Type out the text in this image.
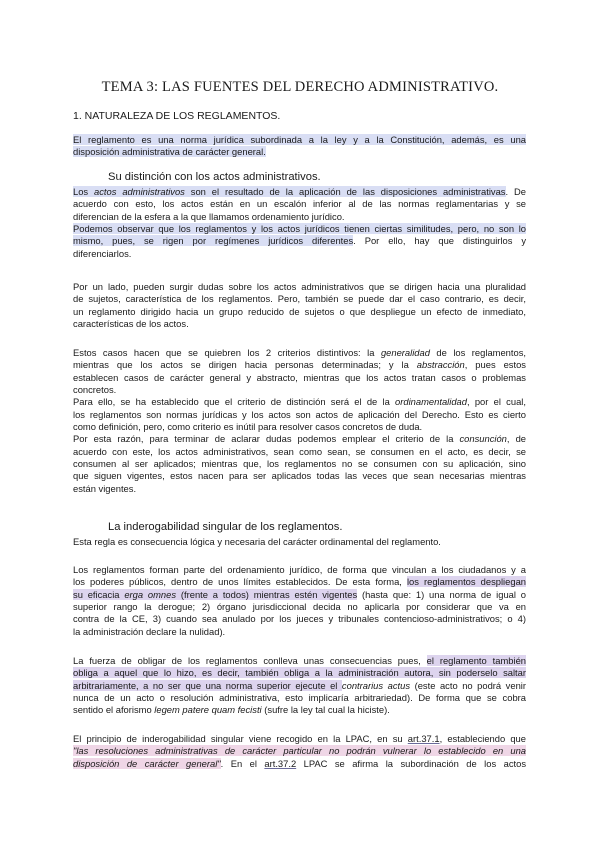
TEMA 3: LAS FUENTES DEL DERECHO ADMINISTRATIVO.
1. NATURALEZA DE LOS REGLAMENTOS.
El reglamento es una norma jurídica subordinada a la ley y a la Constitución, además, es una
disposición administrativa de carácter general.
Su distinción con los actos administrativos.
Los actos administrativos son el resultado de la aplicación de las disposiciones administrativas. De
acuerdo con esto, los actos están en un escalón inferior al de las normas reglamentarias y se
diferencian de la esfera a la que llamamos ordenamiento jurídico.
Podemos observar que los reglamentos y los actos jurídicos tienen ciertas similitudes, pero, no son lo
mismo, pues, se rigen por regímenes jurídicos diferentes. Por ello, hay que distinguirlos y
diferenciarlos.
Por un lado, pueden surgir dudas sobre los actos administrativos que se dirigen hacia una pluralidad
de sujetos, característica de los reglamentos. Pero, también se puede dar el caso contrario, es decir,
un reglamento dirigido hacia un grupo reducido de sujetos o que despliegue un efecto de inmediato,
características de los actos.
Estos casos hacen que se quiebren los 2 criterios distintivos: la generalidad de los reglamentos,
mientras que los actos se dirigen hacia personas determinadas; y la abstracción, pues estos
establecen casos de carácter general y abstracto, mientras que los actos tratan casos o problemas
concretos.
Para ello, se ha establecido que el criterio de distinción será el de la ordinamentalidad, por el cual,
los reglamentos son normas jurídicas y los actos son actos de aplicación del Derecho. Esto es cierto
como definición, pero, como criterio es inútil para resolver casos concretos de duda.
Por esta razón, para terminar de aclarar dudas podemos emplear el criterio de la consunción, de
acuerdo con este, los actos administrativos, sean como sean, se consumen en el acto, es decir, se
consumen al ser aplicados; mientras que, los reglamentos no se consumen con su aplicación, sino
que siguen vigentes, estos nacen para ser aplicados todas las veces que sean necesarias mientras
están vigentes.
La inderogabilidad singular de los reglamentos.
Esta regla es consecuencia lógica y necesaria del carácter ordinamental del reglamento.
Los reglamentos forman parte del ordenamiento jurídico, de forma que vinculan a los ciudadanos y a
los poderes públicos, dentro de unos límites establecidos. De esta forma, los reglamentos despliegan
su eficacia erga omnes (frente a todos) mientras estén vigentes (hasta que: 1) una norma de igual o
superior rango la derogue; 2) órgano jurisdiccional decida no aplicarla por considerar que va en
contra de la CE, 3) cuando sea anulado por los jueces y tribunales contencioso-administrativos; o 4)
la administración declare la nulidad).
La fuerza de obligar de los reglamentos conlleva unas consecuencias pues, el reglamento también
obliga a aquel que lo hizo, es decir, también obliga a la administración autora, sin poderselo saltar
arbitrariamente, a no ser que una norma superior ejecute el contrarius actus (este acto no podrá venir
nunca de un acto o resolución administrativa, esto implicaría arbitrariedad). De forma que se cobra
sentido el aforismo legem patere quam fecisti (sufre la ley tal cual la hiciste).
El principio de inderogabilidad singular viene recogido en la LPAC, en su art.37.1, estableciendo que
"las resoluciones administrativas de carácter particular no podrán vulnerar lo establecido en una
disposición de carácter general". En el art.37.2 LPAC se afirma la subordinación de los actos
